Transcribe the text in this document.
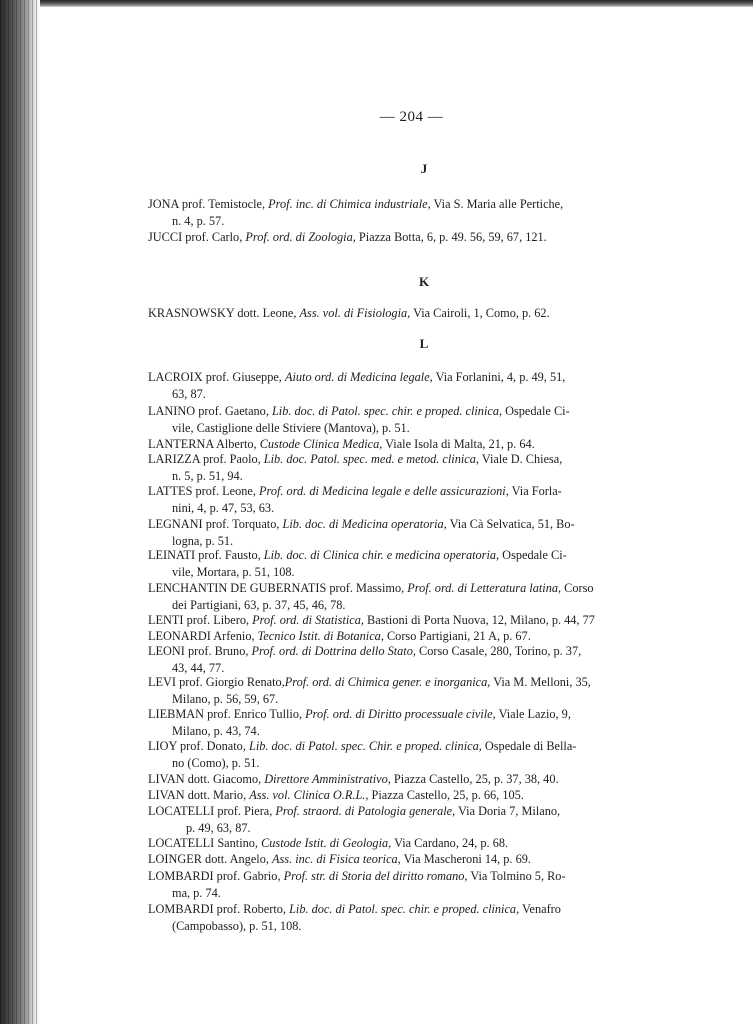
— 204 —
J
JONA prof. Temistocle, Prof. inc. di Chimica industriale, Via S. Maria alle Pertiche,
n. 4, p. 57.
JUCCI prof. Carlo, Prof. ord. di Zoologia, Piazza Botta, 6, p. 49. 56, 59, 67, 121.
K
KRASNOWSKY dott. Leone, Ass. vol. di Fisiologia, Via Cairoli, 1, Como, p. 62.
L
LACROIX prof. Giuseppe, Aiuto ord. di Medicina legale, Via Forlanini, 4, p. 49, 51,
63, 87.
LANINO prof. Gaetano, Lib. doc. di Patol. spec. chir. e proped. clinica, Ospedale Ci-
vile, Castiglione delle Stiviere (Mantova), p. 51.
LANTERNA Alberto, Custode Clinica Medica, Viale Isola di Malta, 21, p. 64.
LARIZZA prof. Paolo, Lib. doc. Patol. spec. med. e metod. clinica, Viale D. Chiesa,
n. 5, p. 51, 94.
LATTES prof. Leone, Prof. ord. di Medicina legale e delle assicurazioni, Via Forla-
nini, 4, p. 47, 53, 63.
LEGNANI prof. Torquato, Lib. doc. di Medicina operatoria, Via Cà Selvatica, 51, Bo-
logna, p. 51.
LEINATI prof. Fausto, Lib. doc. di Clinica chir. e medicina operatoria, Ospedale Ci-
vile, Mortara, p. 51, 108.
LENCHANTIN DE GUBERNATIS prof. Massimo, Prof. ord. di Letteratura latina, Corso
dei Partigiani, 63, p. 37, 45, 46, 78.
LENTI prof. Libero, Prof. ord. di Statistica, Bastioni di Porta Nuova, 12, Milano, p. 44, 77
LEONARDI Arfenio, Tecnico Istit. di Botanica, Corso Partigiani, 21 A, p. 67.
LEONI prof. Bruno, Prof. ord. di Dottrina dello Stato, Corso Casale, 280, Torino, p. 37,
43, 44, 77.
LEVI prof. Giorgio Renato,Prof. ord. di Chimica gener. e inorganica, Via M. Melloni, 35,
Milano, p. 56, 59, 67.
LIEBMAN prof. Enrico Tullio, Prof. ord. di Diritto processuale civile, Viale Lazio, 9,
Milano, p. 43, 74.
LIOY prof. Donato, Lib. doc. di Patol. spec. Chir. e proped. clinica, Ospedale di Bella-
no (Como), p. 51.
LIVAN dott. Giacomo, Direttore Amministrativo, Piazza Castello, 25, p. 37, 38, 40.
LIVAN dott. Mario, Ass. vol. Clinica O.R.L., Piazza Castello, 25, p. 66, 105.
LOCATELLI prof. Piera, Prof. straord. di Patologia generale, Via Doria 7, Milano,
p. 49, 63, 87.
LOCATELLI Santino, Custode Istit. di Geologia, Via Cardano, 24, p. 68.
LOINGER dott. Angelo, Ass. inc. di Fisica teorica, Via Mascheroni 14, p. 69.
LOMBARDI prof. Gabrio, Prof. str. di Storia del diritto romano, Via Tolmino 5, Ro-
ma, p. 74.
LOMBARDI prof. Roberto, Lib. doc. di Patol. spec. chir. e proped. clinica, Venafro
(Campobasso), p. 51, 108.
